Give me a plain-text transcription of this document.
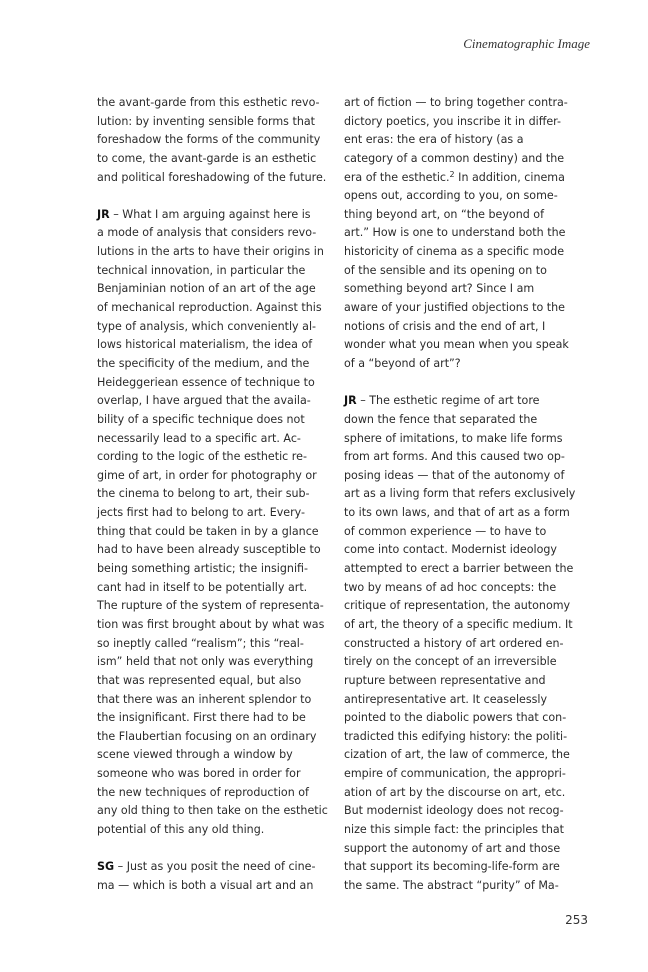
Cinematographic Image

the avant-garde from this esthetic revo-
lution: by inventing sensible forms that
foreshadow the forms of the community
to come, the avant-garde is an esthetic
and political foreshadowing of the future.

JR – What I am arguing against here is
a mode of analysis that considers revo-
lutions in the arts to have their origins in
technical innovation, in particular the
Benjaminian notion of an art of the age
of mechanical reproduction. Against this
type of analysis, which conveniently al-
lows historical materialism, the idea of
the specificity of the medium, and the
Heideggeriean essence of technique to
overlap, I have argued that the availa-
bility of a specific technique does not
necessarily lead to a specific art. Ac-
cording to the logic of the esthetic re-
gime of art, in order for photography or
the cinema to belong to art, their sub-
jects first had to belong to art. Every-
thing that could be taken in by a glance
had to have been already susceptible to
being something artistic; the insignifi-
cant had in itself to be potentially art.
The rupture of the system of representa-
tion was first brought about by what was
so ineptly called “realism”; this “real-
ism” held that not only was everything
that was represented equal, but also
that there was an inherent splendor to
the insignificant. First there had to be
the Flaubertian focusing on an ordinary
scene viewed through a window by
someone who was bored in order for
the new techniques of reproduction of
any old thing to then take on the esthetic
potential of this any old thing.

SG – Just as you posit the need of cine-
ma — which is both a visual art and an

art of fiction — to bring together contra-
dictory poetics, you inscribe it in differ-
ent eras: the era of history (as a
category of a common destiny) and the
era of the esthetic.$^2$ In addition, cinema
opens out, according to you, on some-
thing beyond art, on “the beyond of
art.” How is one to understand both the
historicity of cinema as a specific mode
of the sensible and its opening on to
something beyond art? Since I am
aware of your justified objections to the
notions of crisis and the end of art, I
wonder what you mean when you speak
of a “beyond of art”?

JR – The esthetic regime of art tore
down the fence that separated the
sphere of imitations, to make life forms
from art forms. And this caused two op-
posing ideas — that of the autonomy of
art as a living form that refers exclusively
to its own laws, and that of art as a form
of common experience — to have to
come into contact. Modernist ideology
attempted to erect a barrier between the
two by means of ad hoc concepts: the
critique of representation, the autonomy
of art, the theory of a specific medium. It
constructed a history of art ordered en-
tirely on the concept of an irreversible
rupture between representative and
antirepresentative art. It ceaselessly
pointed to the diabolic powers that con-
tradicted this edifying history: the politi-
cization of art, the law of commerce, the
empire of communication, the appropri-
ation of art by the discourse on art, etc.
But modernist ideology does not recog-
nize this simple fact: the principles that
support the autonomy of art and those
that support its becoming-life-form are
the same. The abstract “purity” of Ma-

253
